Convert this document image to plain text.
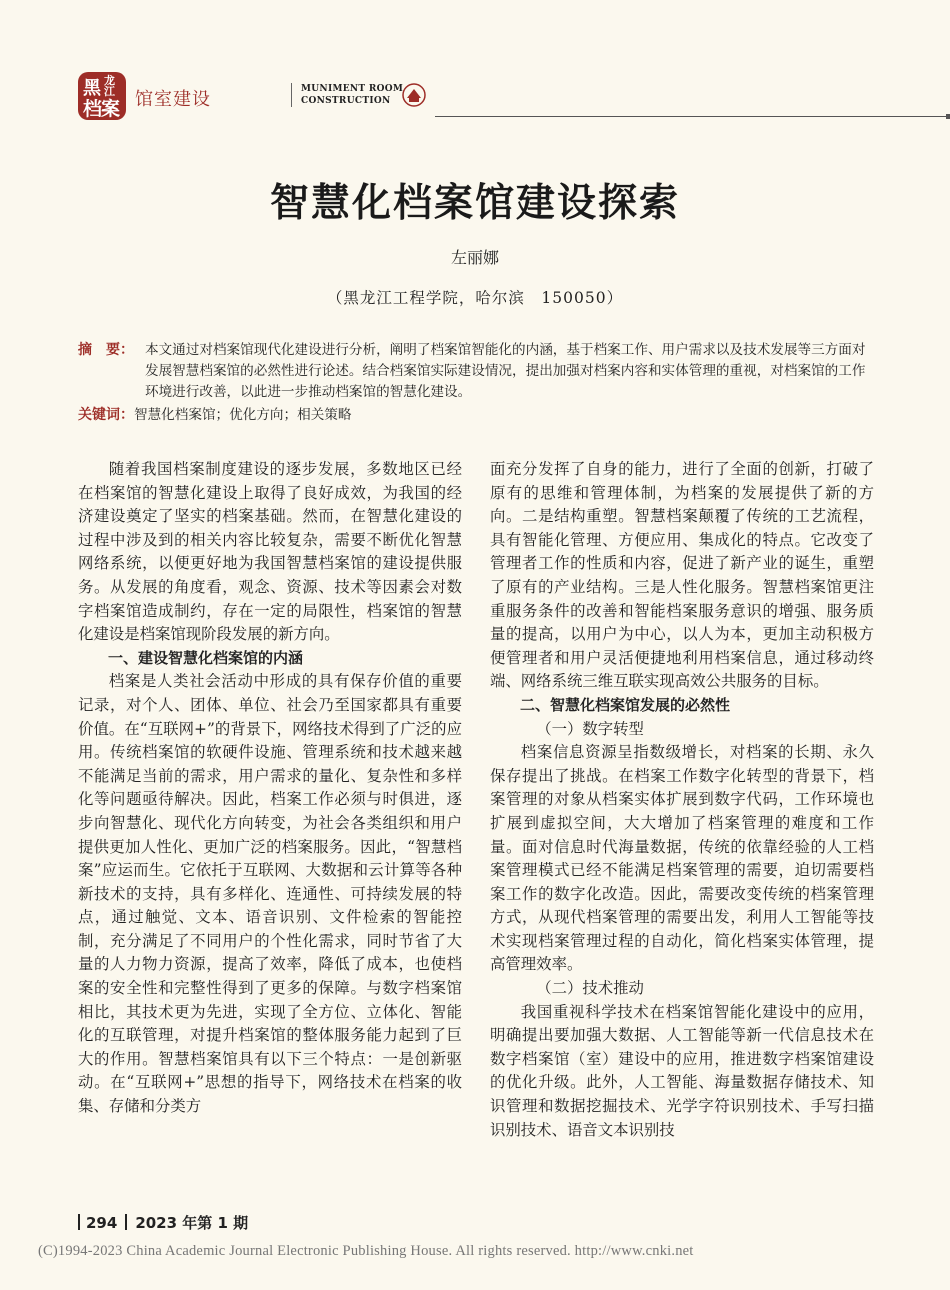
黑 龙江
档案 馆室建设	MUNIMENT ROOM
CONSTRUCTION
智慧化档案馆建设探索
左丽娜
（黑龙江工程学院，哈尔滨　150050）
摘　要： 本文通过对档案馆现代化建设进行分析，阐明了档案馆智能化的内涵，基于档案工作、用户需求以及技术发展等三方面对发展智慧档案馆的必然性进行论述。结合档案馆实际建设情况，提出加强对档案内容和实体管理的重视，对档案馆的工作环境进行改善，以此进一步推动档案馆的智慧化建设。
关键词：智慧化档案馆；优化方向；相关策略

随着我国档案制度建设的逐步发展，多数地区已经在档案馆的智慧化建设上取得了良好成效，为我国的经济建设奠定了坚实的档案基础。然而，在智慧化建设的过程中涉及到的相关内容比较复杂，需要不断优化智慧网络系统，以便更好地为我国智慧档案馆的建设提供服务。从发展的角度看，观念、资源、技术等因素会对数字档案馆造成制约，存在一定的局限性，档案馆的智慧化建设是档案馆现阶段发展的新方向。

一、建设智慧化档案馆的内涵

档案是人类社会活动中形成的具有保存价值的重要记录，对个人、团体、单位、社会乃至国家都具有重要价值。在“互联网+”的背景下，网络技术得到了广泛的应用。传统档案馆的软硬件设施、管理系统和技术越来越不能满足当前的需求，用户需求的量化、复杂性和多样化等问题亟待解决。因此，档案工作必须与时俱进，逐步向智慧化、现代化方向转变，为社会各类组织和用户提供更加人性化、更加广泛的档案服务。因此，“智慧档案”应运而生。它依托于互联网、大数据和云计算等各种新技术的支持，具有多样化、连通性、可持续发展的特点，通过触觉、文本、语音识别、文件检索的智能控制，充分满足了不同用户的个性化需求，同时节省了大量的人力物力资源，提高了效率，降低了成本，也使档案的安全性和完整性得到了更多的保障。与数字档案馆相比，其技术更为先进，实现了全方位、立体化、智能化的互联管理，对提升档案馆的整体服务能力起到了巨大的作用。智慧档案馆具有以下三个特点：一是创新驱动。在“互联网+”思想的指导下，网络技术在档案的收集、存储和分类方

面充分发挥了自身的能力，进行了全面的创新，打破了原有的思维和管理体制，为档案的发展提供了新的方向。二是结构重塑。智慧档案颠覆了传统的工艺流程，具有智能化管理、方便应用、集成化的特点。它改变了管理者工作的性质和内容，促进了新产业的诞生，重塑了原有的产业结构。三是人性化服务。智慧档案馆更注重服务条件的改善和智能档案服务意识的增强、服务质量的提高，以用户为中心，以人为本，更加主动积极方便管理者和用户灵活便捷地利用档案信息，通过移动终端、网络系统三维互联实现高效公共服务的目标。

二、智慧化档案馆发展的必然性

（一）数字转型

档案信息资源呈指数级增长，对档案的长期、永久保存提出了挑战。在档案工作数字化转型的背景下，档案管理的对象从档案实体扩展到数字代码，工作环境也扩展到虚拟空间，大大增加了档案管理的难度和工作量。面对信息时代海量数据，传统的依靠经验的人工档案管理模式已经不能满足档案管理的需要，迫切需要档案工作的数字化改造。因此，需要改变传统的档案管理方式，从现代档案管理的需要出发，利用人工智能等技术实现档案管理过程的自动化，简化档案实体管理，提高管理效率。

（二）技术推动

我国重视科学技术在档案馆智能化建设中的应用，明确提出要加强大数据、人工智能等新一代信息技术在数字档案馆（室）建设中的应用，推进数字档案馆建设的优化升级。此外，人工智能、海量数据存储技术、知识管理和数据挖掘技术、光学字符识别技术、手写扫描识别技术、语音文本识别技

294 2023 年第 1 期
(C)1994-2023 China Academic Journal Electronic Publishing House. All rights reserved. http://www.cnki.net
